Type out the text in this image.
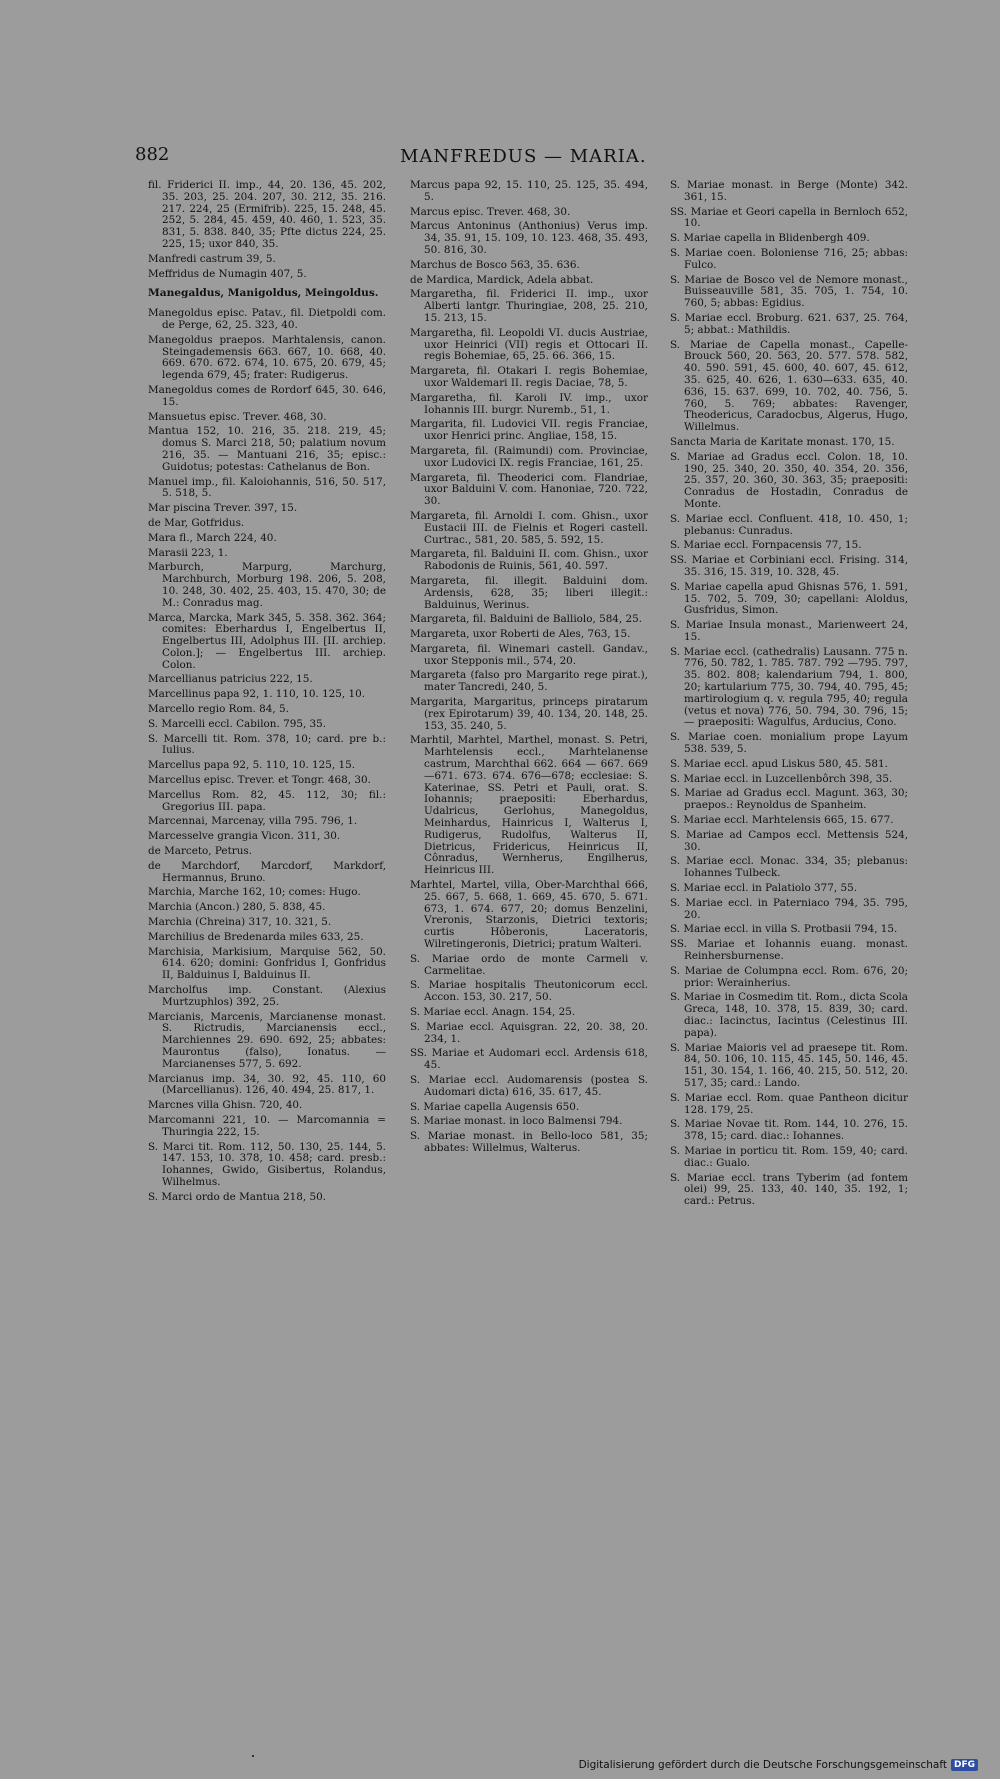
882	MANFREDUS — MARIA.
fil. Friderici II. imp., 44, 20. 136, 45. 202, 35. 203, 25. 204. 207, 30. 212, 35. 216. 217. 224, 25 (Ermifrib). 225, 15. 248, 45. 252, 5. 284, 45. 459, 40. 460, 1. 523, 35. 831, 5. 838. 840, 35; Pfte dictus 224, 25. 225, 15; uxor 840, 35.
Manfredi castrum 39, 5.
Meffridus de Numagin 407, 5.
Manegaldus, Manigoldus, Meingoldus.
Manegoldus episc. Patav., fil. Dietpoldi com. de Perge, 62, 25. 323, 40.
Manegoldus praepos. Marhtalensis, canon. Steingademensis 663. 667, 10. 668, 40. 669. 670. 672. 674, 10. 675, 20. 679, 45; legenda 679, 45; frater: Rudigerus.
Manegoldus comes de Rordorf 645, 30. 646, 15.
Mansuetus episc. Trever. 468, 30.
Mantua 152, 10. 216, 35. 218. 219, 45; domus S. Marci 218, 50; palatium novum 216, 35. — Mantuani 216, 35; episc.: Guidotus; potestas: Cathelanus de Bon.
Manuel imp., fil. Kaloiohannis, 516, 50. 517, 5. 518, 5.
Mar piscina Trever. 397, 15.
de Mar, Gotfridus.
Mara fl., March 224, 40.
Marasii 223, 1.
Marburch, Marpurg, Marchurg, Marchburch, Morburg 198. 206, 5. 208, 10. 248, 30. 402, 25. 403, 15. 470, 30; de M.: Conradus mag.
Marca, Marcka, Mark 345, 5. 358. 362. 364; comites: Eberhardus I, Engelbertus II, Engelbertus III, Adolphus III. [II. archiep. Colon.]; — Engelbertus III. archiep. Colon.
Marcellianus patricius 222, 15.
Marcellinus papa 92, 1. 110, 10. 125, 10.
Marcello regio Rom. 84, 5.
S. Marcelli eccl. Cabilon. 795, 35.
S. Marcelli tit. Rom. 378, 10; card. pre b.: Iulius.
Marcellus papa 92, 5. 110, 10. 125, 15.
Marcellus episc. Trever. et Tongr. 468, 30.
Marcellus Rom. 82, 45. 112, 30; fil.: Gregorius III. papa.
Marcennai, Marcenay, villa 795. 796, 1.
Marcesselve grangia Vicon. 311, 30.
de Marceto, Petrus.
de Marchdorf, Marcdorf, Markdorf, Hermannus, Bruno.
Marchia, Marche 162, 10; comes: Hugo.
Marchia (Ancon.) 280, 5. 838, 45.
Marchia (Chreina) 317, 10. 321, 5.
Marchilius de Bredenarda miles 633, 25.
Marchisia, Markisium, Marquise 562, 50. 614. 620; domini: Gonfridus I, Gonfridus II, Balduinus I, Balduinus II.
Marcholfus imp. Constant. (Alexius Murtzuphlos) 392, 25.
Marcianis, Marcenis, Marcianense monast. S. Rictrudis, Marcianensis eccl., Marchiennes 29. 690. 692, 25; abbates: Maurontus (falso), Ionatus. — Marcianenses 577, 5. 692.
Marcianus imp. 34, 30. 92, 45. 110, 60 (Marcellianus). 126, 40. 494, 25. 817, 1.
Marcnes villa Ghisn. 720, 40.
Marcomanni 221, 10. — Marcomannia = Thuringia 222, 15.
S. Marci tit. Rom. 112, 50. 130, 25. 144, 5. 147. 153, 10. 378, 10. 458; card. presb.: Iohannes, Gwido, Gisibertus, Rolandus, Wilhelmus.
S. Marci ordo de Mantua 218, 50.
Marcus papa 92, 15. 110, 25. 125, 35. 494, 5.
Marcus episc. Trever. 468, 30.
Marcus Antoninus (Anthonius) Verus imp. 34, 35. 91, 15. 109, 10. 123. 468, 35. 493, 50. 816, 30.
Marchus de Bosco 563, 35. 636.
de Mardica, Mardick, Adela abbat.
Margaretha, fil. Friderici II. imp., uxor Alberti lantgr. Thuringiae, 208, 25. 210, 15. 213, 15.
Margaretha, fil. Leopoldi VI. ducis Austriae, uxor Heinrici (VII) regis et Ottocari II. regis Bohemiae, 65, 25. 66. 366, 15.
Margareta, fil. Otakari I. regis Bohemiae, uxor Waldemari II. regis Daciae, 78, 5.
Margaretha, fil. Karoli IV. imp., uxor Iohannis III. burgr. Nuremb., 51, 1.
Margarita, fil. Ludovici VII. regis Franciae, uxor Henrici princ. Angliae, 158, 15.
Margareta, fil. (Raimundi) com. Provinciae, uxor Ludovici IX. regis Franciae, 161, 25.
Margareta, fil. Theoderici com. Flandriae, uxor Balduini V. com. Hanoniae, 720. 722, 30.
Margareta, fil. Arnoldi I. com. Ghisn., uxor Eustacii III. de Fielnis et Rogeri castell. Curtrac., 581, 20. 585, 5. 592, 15.
Margareta, fil. Balduini II. com. Ghisn., uxor Rabodonis de Ruinis, 561, 40. 597.
Margareta, fil. illegit. Balduini dom. Ardensis, 628, 35; liberi illegit.: Balduinus, Werinus.
Margareta, fil. Balduini de Balliolo, 584, 25.
Margareta, uxor Roberti de Ales, 763, 15.
Margareta, fil. Winemari castell. Gandav., uxor Stepponis mil., 574, 20.
Margareta (falso pro Margarito rege pirat.), mater Tancredi, 240, 5.
Margarita, Margaritus, princeps piratarum (rex Epirotarum) 39, 40. 134, 20. 148, 25. 153, 35. 240, 5.
Marhtil, Marhtel, Marthel, monast. S. Petri, Marhtelensis eccl., Marhtelanense castrum, Marchthal 662. 664 — 667. 669—671. 673. 674. 676—678; ecclesiae: S. Katerinae, SS. Petri et Pauli, orat. S. Iohannis; praepositi: Eberhardus, Udalricus, Gerlohus, Manegoldus, Meinhardus, Hainricus I, Walterus I, Rudigerus, Rudolfus, Walterus II, Dietricus, Fridericus, Heinricus II, Cônradus, Wernherus, Engilherus, Heinricus III.
Marhtel, Martel, villa, Ober-Marchthal 666, 25. 667, 5. 668, 1. 669, 45. 670, 5. 671. 673, 1. 674. 677, 20; domus Benzelini, Vreronis, Starzonis, Dietrici textoris; curtis Hôberonis, Laceratoris, Wilretingeronis, Dietrici; pratum Walteri.
S. Mariae ordo de monte Carmeli v. Carmelitae.
S. Mariae hospitalis Theutonicorum eccl. Accon. 153, 30. 217, 50.
S. Mariae eccl. Anagn. 154, 25.
S. Mariae eccl. Aquisgran. 22, 20. 38, 20. 234, 1.
SS. Mariae et Audomari eccl. Ardensis 618, 45.
S. Mariae eccl. Audomarensis (postea S. Audomari dicta) 616, 35. 617, 45.
S. Mariae capella Augensis 650.
S. Mariae monast. in loco Balmensi 794.
S. Mariae monast. in Bello-loco 581, 35; abbates: Willelmus, Walterus.
S. Mariae monast. in Berge (Monte) 342. 361, 15.
SS. Mariae et Geori capella in Bernloch 652, 10.
S. Mariae capella in Blidenbergh 409.
S. Mariae coen. Boloniense 716, 25; abbas: Fulco.
S. Mariae de Bosco vel de Nemore monast., Buisseauville 581, 35. 705, 1. 754, 10. 760, 5; abbas: Egidius.
S. Mariae eccl. Broburg. 621. 637, 25. 764, 5; abbat.: Mathildis.
S. Mariae de Capella monast., Capelle-Brouck 560, 20. 563, 20. 577. 578. 582, 40. 590. 591, 45. 600, 40. 607, 45. 612, 35. 625, 40. 626, 1. 630—633. 635, 40. 636, 15. 637. 699, 10. 702, 40. 756, 5. 760, 5. 769; abbates: Ravenger, Theodericus, Caradocbus, Algerus, Hugo, Willelmus.
Sancta Maria de Karitate monast. 170, 15.
S. Mariae ad Gradus eccl. Colon. 18, 10. 190, 25. 340, 20. 350, 40. 354, 20. 356, 25. 357, 20. 360, 30. 363, 35; praepositi: Conradus de Hostadin, Conradus de Monte.
S. Mariae eccl. Confluent. 418, 10. 450, 1; plebanus: Cunradus.
S. Mariae eccl. Fornpacensis 77, 15.
SS. Mariae et Corbiniani eccl. Frising. 314, 35. 316, 15. 319, 10. 328, 45.
S. Mariae capella apud Ghisnas 576, 1. 591, 15. 702, 5. 709, 30; capellani: Aloldus, Gusfridus, Simon.
S. Mariae Insula monast., Marienweert 24, 15.
S. Mariae eccl. (cathedralis) Lausann. 775 n. 776, 50. 782, 1. 785. 787. 792 —795. 797, 35. 802. 808; kalendarium 794, 1. 800, 20; kartularium 775, 30. 794, 40. 795, 45; martirologium q. v. regula 795, 40; regula (vetus et nova) 776, 50. 794, 30. 796, 15; — praepositi: Wagulfus, Arducius, Cono.
S. Mariae coen. monialium prope Layum 538. 539, 5.
S. Mariae eccl. apud Liskus 580, 45. 581.
S. Mariae eccl. in Luzcellenbôrch 398, 35.
S. Mariae ad Gradus eccl. Magunt. 363, 30; praepos.: Reynoldus de Spanheim.
S. Mariae eccl. Marhtelensis 665, 15. 677.
S. Mariae ad Campos eccl. Mettensis 524, 30.
S. Mariae eccl. Monac. 334, 35; plebanus: Iohannes Tulbeck.
S. Mariae eccl. in Palatiolo 377, 55.
S. Mariae eccl. in Paterniaco 794, 35. 795, 20.
S. Mariae eccl. in villa S. Protbasii 794, 15.
SS. Mariae et Iohannis euang. monast. Reinhersburnense.
S. Mariae de Columpna eccl. Rom. 676, 20; prior: Werainherius.
S. Mariae in Cosmedim tit. Rom., dicta Scola Greca, 148, 10. 378, 15. 839, 30; card. diac.: Iacinctus, Iacintus (Celestinus III. papa).
S. Mariae Maioris vel ad praesepe tit. Rom. 84, 50. 106, 10. 115, 45. 145, 50. 146, 45. 151, 30. 154, 1. 166, 40. 215, 50. 512, 20. 517, 35; card.: Lando.
S. Mariae eccl. Rom. quae Pantheon dicitur 128. 179, 25.
S. Mariae Novae tit. Rom. 144, 10. 276, 15. 378, 15; card. diac.: Iohannes.
S. Mariae in porticu tit. Rom. 159, 40; card. diac.: Gualo.
S. Mariae eccl. trans Tyberim (ad fontem olei) 99, 25. 133, 40. 140, 35. 192, 1; card.: Petrus.
Digitalisierung gefördert durch die Deutsche Forschungsgemeinschaft DFG
